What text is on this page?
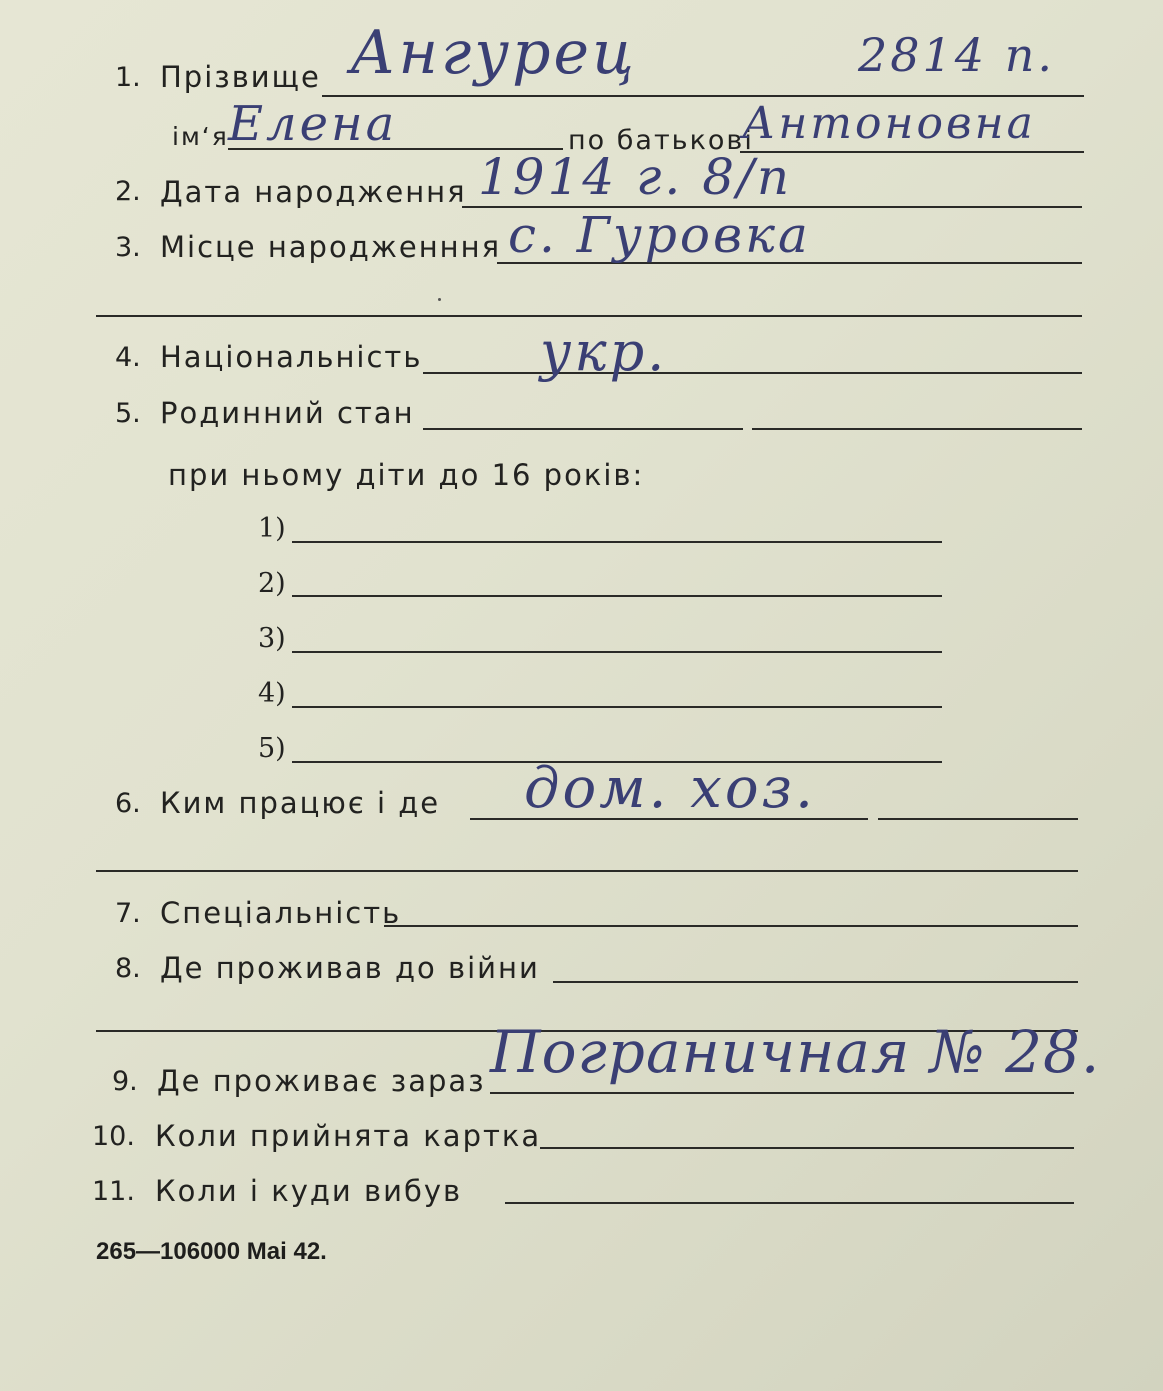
1. Прізвище Ангурец	2814 п.
ім‘я Елена	по батькові
Антоновна
2. Дата народження 1914 г. 8/п
3. Місце народженння с. Гуровка
4. Національність укр.
5. Родинний стан
при ньому діти до 16 років:
1)
2)
3)
4)
5)
6. Ким працює і де дом. хоз.
7. Спеціальність
8. Де проживав до війни
9. Де проживає зараз Пограничная № 28.
10. Коли прийнята картка
11. Коли і куди вибув
265—106000 Mai 42.
